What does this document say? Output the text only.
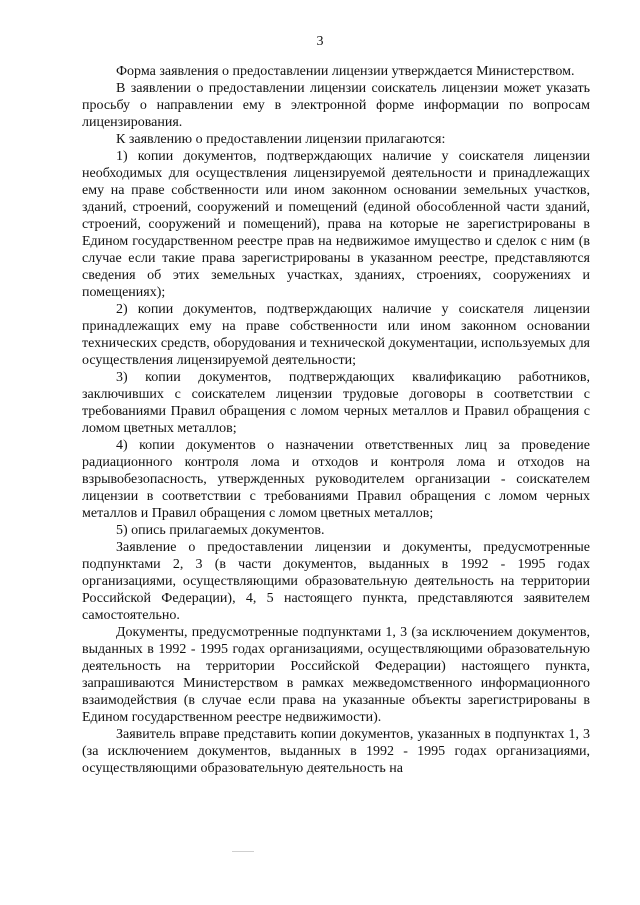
3

Форма заявления о предоставлении лицензии утверждается Министерством.

В заявлении о предоставлении лицензии соискатель лицензии может указать просьбу о направлении ему в электронной форме информации по вопросам лицензирования.

К заявлению о предоставлении лицензии прилагаются:

1) копии документов, подтверждающих наличие у соискателя лицензии необходимых для осуществления лицензируемой деятельности и принадлежащих ему на праве собственности или ином законном основании земельных участков, зданий, строений, сооружений и помещений (единой обособленной части зданий, строений, сооружений и помещений), права на которые не зарегистрированы в Едином государственном реестре прав на недвижимое имущество и сделок с ним (в случае если такие права зарегистрированы в указанном реестре, представляются сведения об этих земельных участках, зданиях, строениях, сооружениях и помещениях);

2) копии документов, подтверждающих наличие у соискателя лицензии принадлежащих ему на праве собственности или ином законном основании технических средств, оборудования и технической документации, используемых для осуществления лицензируемой деятельности;

3) копии документов, подтверждающих квалификацию работников, заключивших с соискателем лицензии трудовые договоры в соответствии с требованиями Правил обращения с ломом черных металлов и Правил обращения с ломом цветных металлов;

4) копии документов о назначении ответственных лиц за проведение радиационного контроля лома и отходов и контроля лома и отходов на взрывобезопасность, утвержденных руководителем организации - соискателем лицензии в соответствии с требованиями Правил обращения с ломом черных металлов и Правил обращения с ломом цветных металлов;

5) опись прилагаемых документов.

Заявление о предоставлении лицензии и документы, предусмотренные подпунктами 2, 3 (в части документов, выданных в 1992 - 1995 годах организациями, осуществляющими образовательную деятельность на территории Российской Федерации), 4, 5 настоящего пункта, представляются заявителем самостоятельно.

Документы, предусмотренные подпунктами 1, 3 (за исключением документов, выданных в 1992 - 1995 годах организациями, осуществляющими образовательную деятельность на территории Российской Федерации) настоящего пункта, запрашиваются Министерством в рамках межведомственного информационного взаимодействия (в случае если права на указанные объекты зарегистрированы в Едином государственном реестре недвижимости).

Заявитель вправе представить копии документов, указанных в подпунктах 1, 3 (за исключением документов, выданных в 1992 - 1995 годах организациями, осуществляющими образовательную деятельность на
